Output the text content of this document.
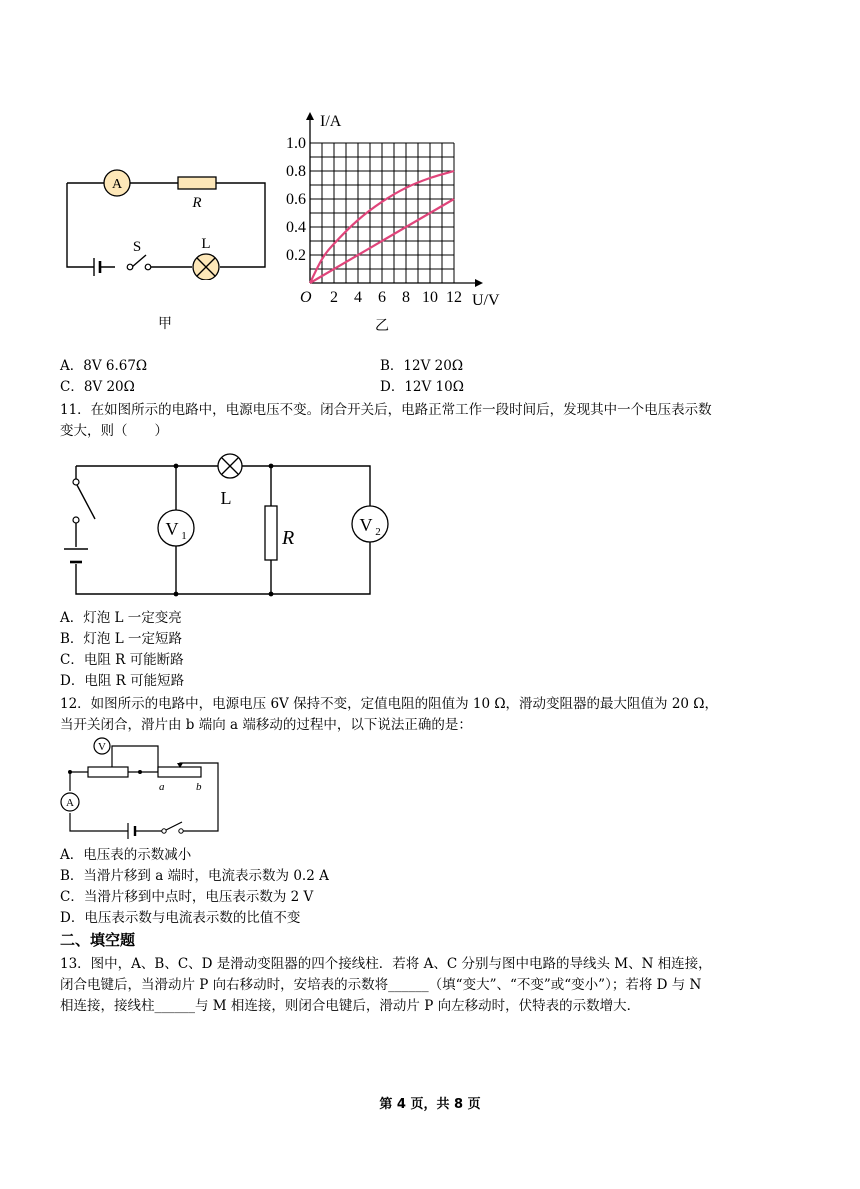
A
R
L
S
甲
2 4 6 8 10 12
0.2
0.4
0.6
0.8
1.0
I/A
U/V
O
乙
A．8V 6.67Ω	B．12V 20Ω
C．8V 20Ω	D．12V 10Ω
11．在如图所示的电路中，电源电压不变。闭合开关后，电路正常工作一段时间后，发现其中一个电压表示数
变大，则（　　）
L
V 1	R
V 2
A．灯泡 L 一定变亮
B．灯泡 L 一定短路
C．电阻 R 可能断路
D．电阻 R 可能短路
12．如图所示的电路中，电源电压 6V 保持不变，定值电阻的阻值为 10 Ω，滑动变阻器的最大阻值为 20 Ω，
当开关闭合，滑片由 b 端向 a 端移动的过程中，以下说法正确的是：
V
a	b
A
A．电压表的示数减小
B．当滑片移到 a 端时，电流表示数为 0.2 A
C．当滑片移到中点时，电压表示数为 2 V
D．电压表示数与电流表示数的比值不变
二、填空题
13．图中，A、B、C、D 是滑动变阻器的四个接线柱．若将 A、C 分别与图中电路的导线头 M、N 相连接，
闭合电键后，当滑动片 P 向右移动时，安培表的示数将______（填“变大”、“不变”或“变小”）；若将 D 与 N
相连接，接线柱______与 M 相连接，则闭合电键后，滑动片 P 向左移动时，伏特表的示数增大．
第 4 页，共 8 页
